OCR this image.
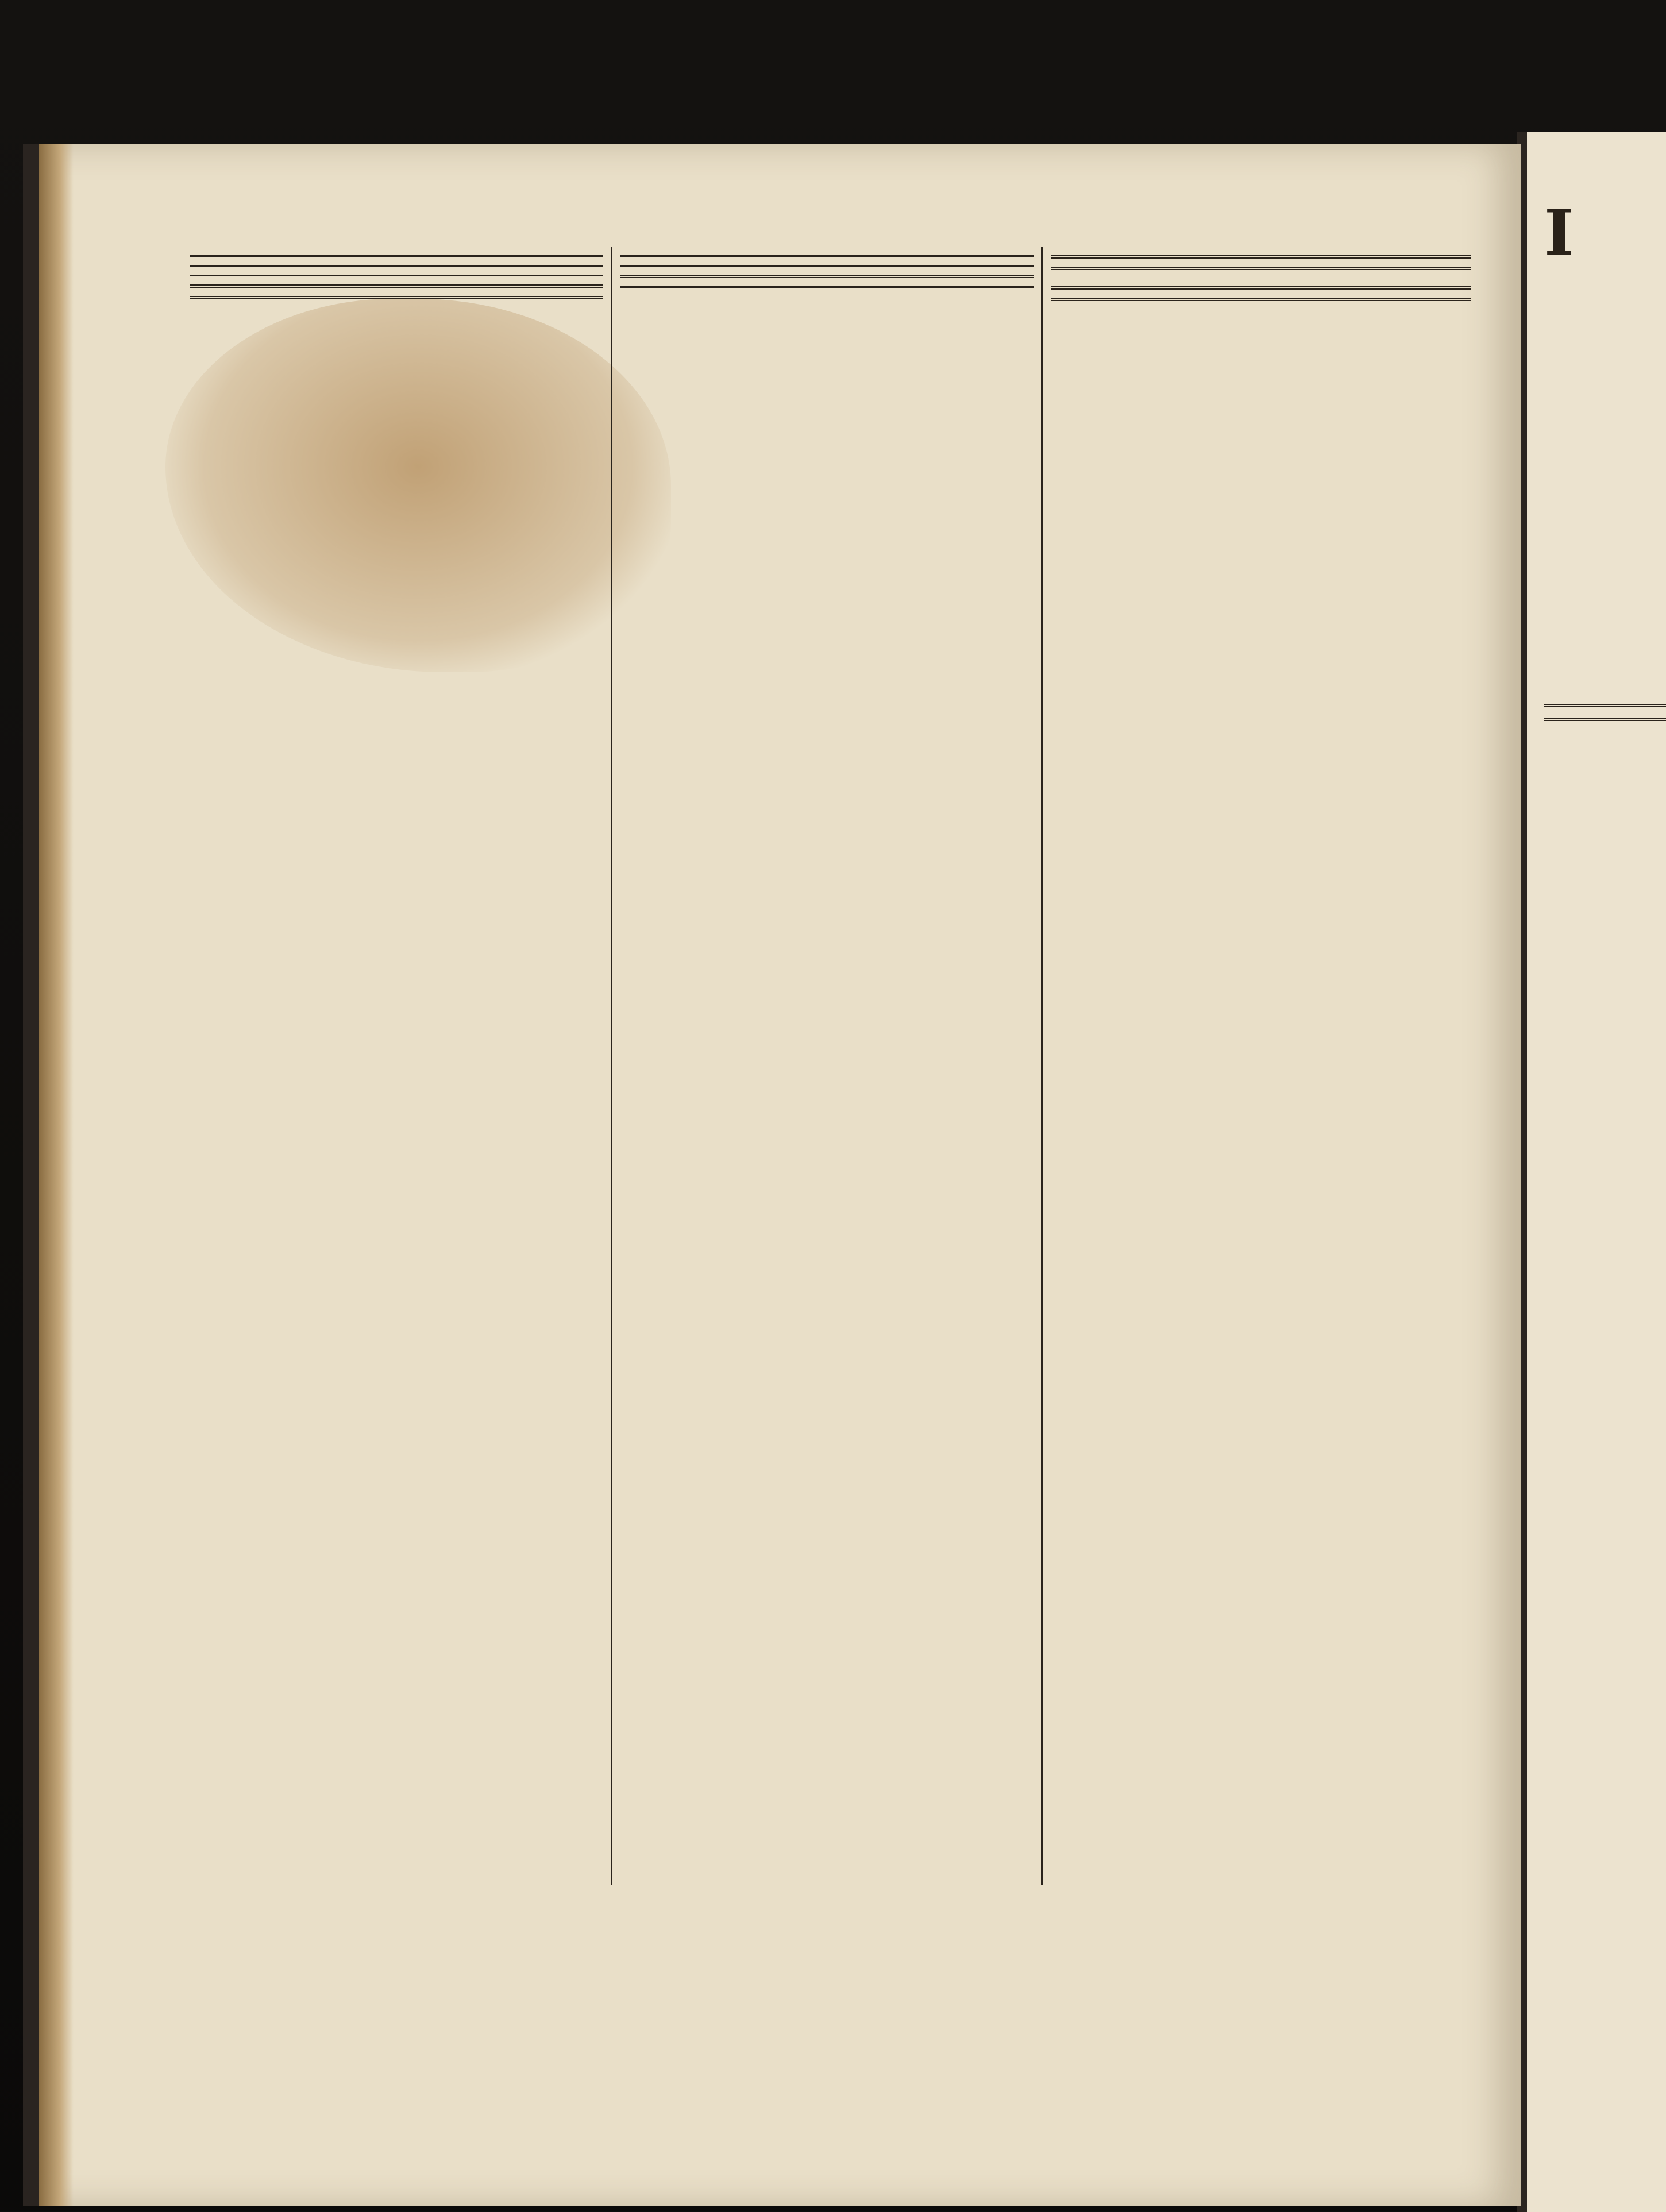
I
